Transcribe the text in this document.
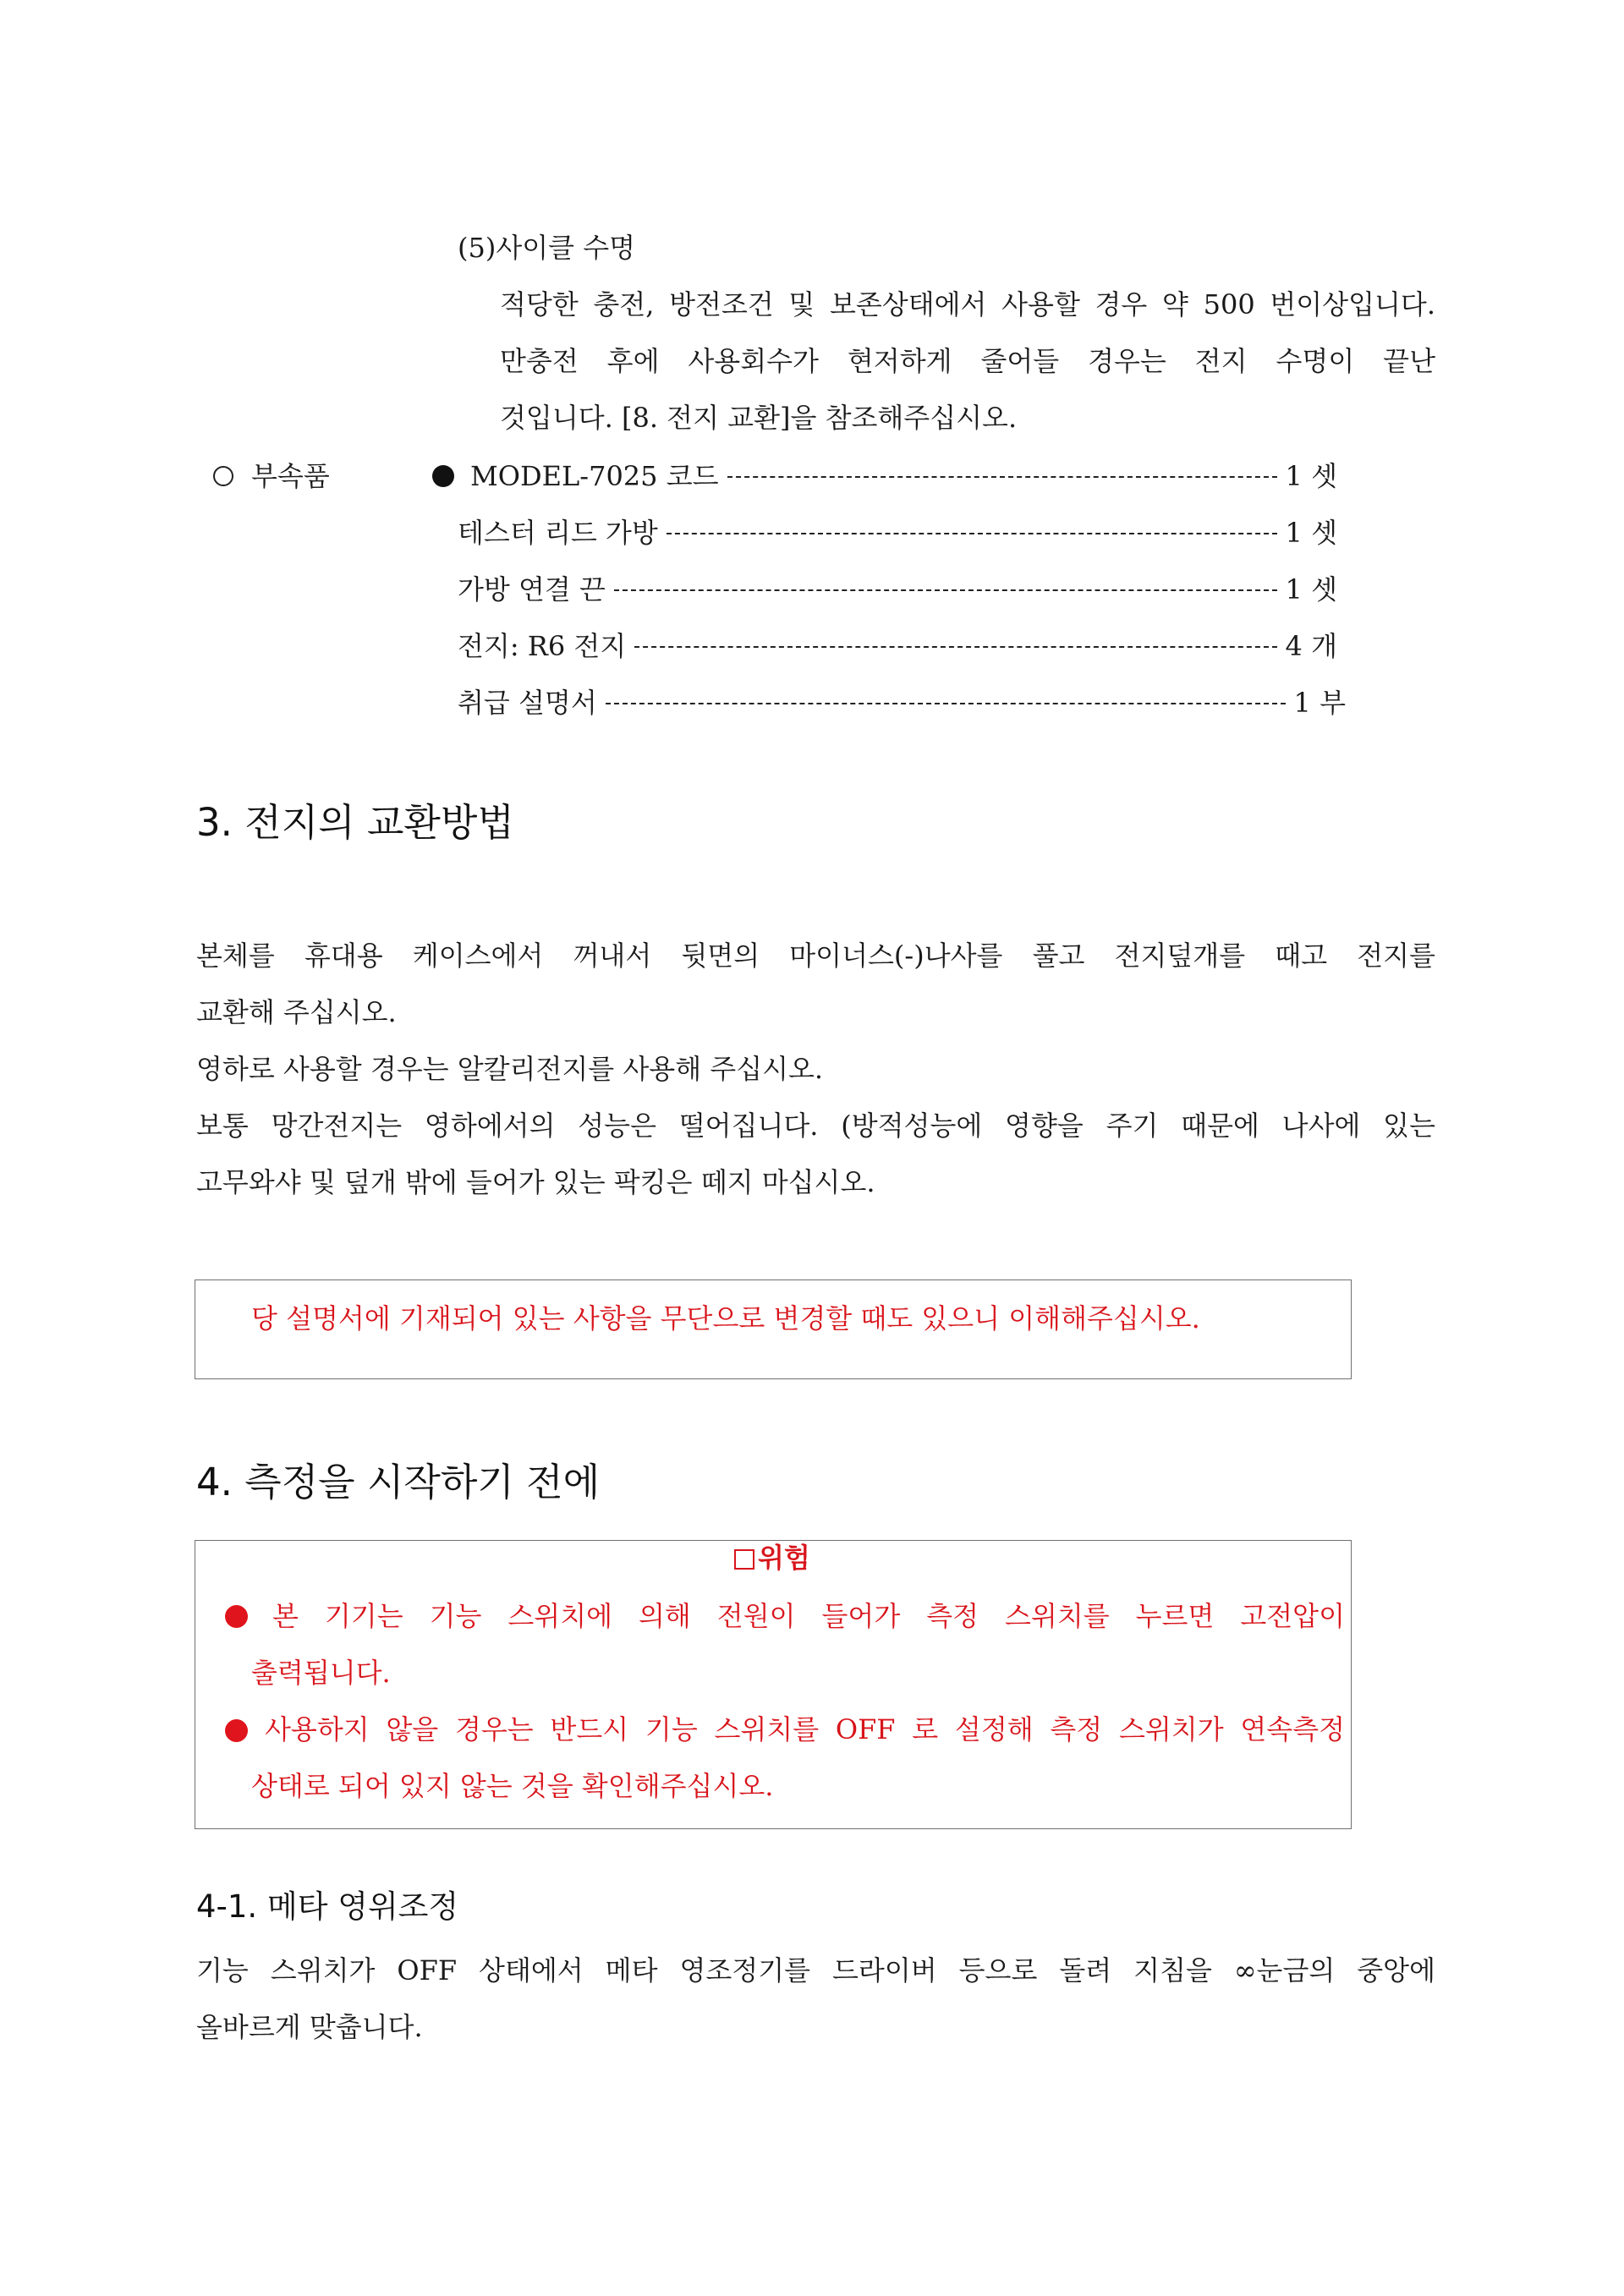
(5)사이클 수명
적당한 충전, 방전조건 및 보존상태에서 사용할 경우 약 500 번이상입니다.
만충전 후에 사용회수가 현저하게 줄어들 경우는 전지 수명이 끝난
것입니다. [8. 전지 교환]을 참조해주십시오.
부속품	MODEL-7025 코드	1 셋
테스터 리드 가방	1 셋
가방 연결 끈	1 셋
전지: R6 전지	4 개
취급 설명서	1 부
3. 전지의 교환방법
본체를 휴대용 케이스에서 꺼내서 뒷면의 마이너스(-)나사를 풀고 전지덮개를 때고 전지를
교환해 주십시오.
영하로 사용할 경우는 알칼리전지를 사용해 주십시오.
보통 망간전지는 영하에서의 성능은 떨어집니다. (방적성능에 영향을 주기 때문에 나사에 있는
고무와샤 및 덮개 밖에 들어가 있는 팍킹은 떼지 마십시오.
당 설명서에 기재되어 있는 사항을 무단으로 변경할 때도 있으니 이해해주십시오.
4. 측정을 시작하기 전에
위험
본 기기는 기능 스위치에 의해 전원이 들어가 측정 스위치를 누르면 고전압이
출력됩니다.
사용하지 않을 경우는 반드시 기능 스위치를 OFF 로 설정해 측정 스위치가 연속측정
상태로 되어 있지 않는 것을 확인해주십시오.
4-1. 메타 영위조정
기능 스위치가 OFF 상태에서 메타 영조정기를 드라이버 등으로 돌려 지침을 ∞눈금의 중앙에
올바르게 맞춥니다.
